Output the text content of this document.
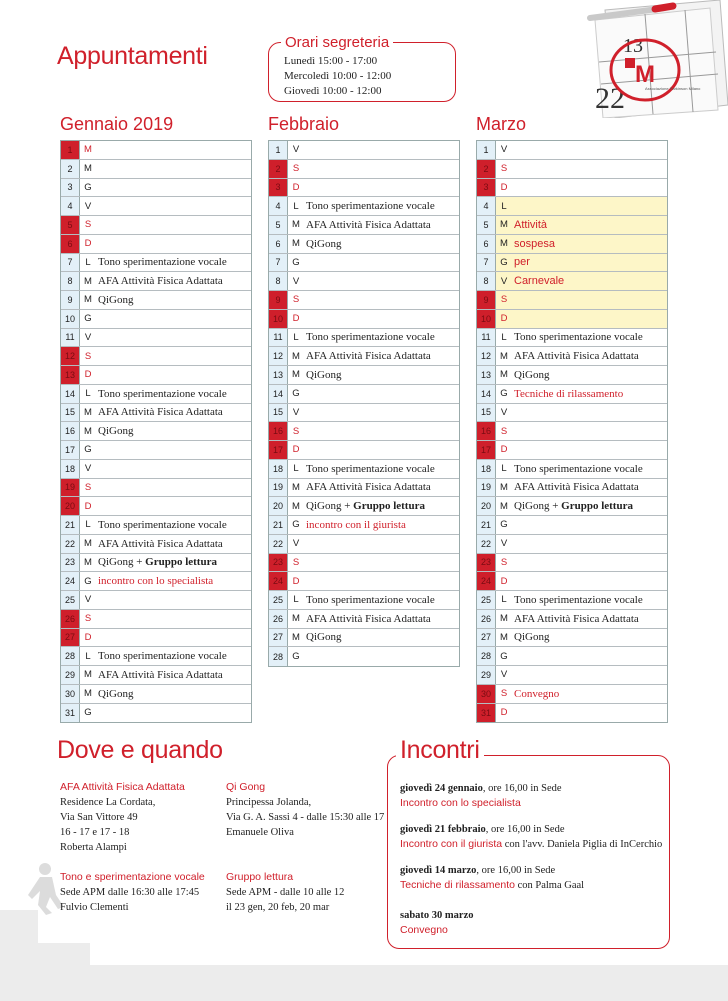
Appuntamenti	Orari segreteria
Lunedì 15:00 - 17:00
Mercoledì 10:00 - 12:00
Giovedì 10:00 - 12:00
13
22
M
Associazione Parkinson Milano
Gennaio 2019	Febbraio	Marzo
1	M
2	M
3	G
4	V
5	S
6	D
7	L Tono sperimentazione vocale
8	M AFA Attività Fisica Adattata
9	M QiGong
10 G
11	V
12	S
13	D
14	L Tono sperimentazione vocale
15 M AFA Attività Fisica Adattata
16 M QiGong
17 G
18	V
19	S
20	D
21	L Tono sperimentazione vocale
22 M AFA Attività Fisica Adattata
23 M QiGong + Gruppo lettura
24 G incontro con lo specialista
25	V
26	S
27	D
28	L Tono sperimentazione vocale
29 M AFA Attività Fisica Adattata
30 M QiGong
31 G
1	V
2	S
3	D
4	L Tono sperimentazione vocale
5	M AFA Attività Fisica Adattata
6	M QiGong
7	G
8	V
9	S
10	D
11	L Tono sperimentazione vocale
12 M AFA Attività Fisica Adattata
13 M QiGong
14 G
15	V
16	S
17	D
18	L Tono sperimentazione vocale
19 M AFA Attività Fisica Adattata
20 M QiGong + Gruppo lettura
21 G incontro con il giurista
22	V
23	S
24	D
25	L Tono sperimentazione vocale
26 M AFA Attività Fisica Adattata
27 M QiGong
28 G
1	V
2	S
3	D
4	L
5	M Attività
6	M sospesa
7	G per
8	V Carnevale
9	S
10	D
11	L Tono sperimentazione vocale
12 M AFA Attività Fisica Adattata
13 M QiGong
14 G Tecniche di rilassamento
15	V
16	S
17	D
18	L Tono sperimentazione vocale
19 M AFA Attività Fisica Adattata
20 M QiGong + Gruppo lettura
21 G
22	V
23	S
24	D
25	L Tono sperimentazione vocale
26 M AFA Attività Fisica Adattata
27 M QiGong
28 G
29	V
30	S Convegno
31	D
Dove e quando
AFA Attività Fisica Adattata
Residence La Cordata,
Via San Vittore 49
16 - 17 e 17 - 18
Roberta Alampi
Qi Gong
Principessa Jolanda,
Via G. A. Sassi 4 - dalle 15:30 alle 17
Emanuele Oliva
Tono e sperimentazione vocale
Sede APM dalle 16:30 alle 17:45
Fulvio Clementi
Gruppo lettura
Sede APM - dalle 10 alle 12
il 23 gen, 20 feb, 20 mar
Incontri
giovedì 24 gennaio, ore 16,00 in Sede
Incontro con lo specialista
giovedì 21 febbraio, ore 16,00 in Sede
Incontro con il giurista con l'avv. Daniela Piglia di InCerchio
giovedì 14 marzo, ore 16,00 in Sede
Tecniche di rilassamento con Palma Gaal
sabato 30 marzo
Convegno
